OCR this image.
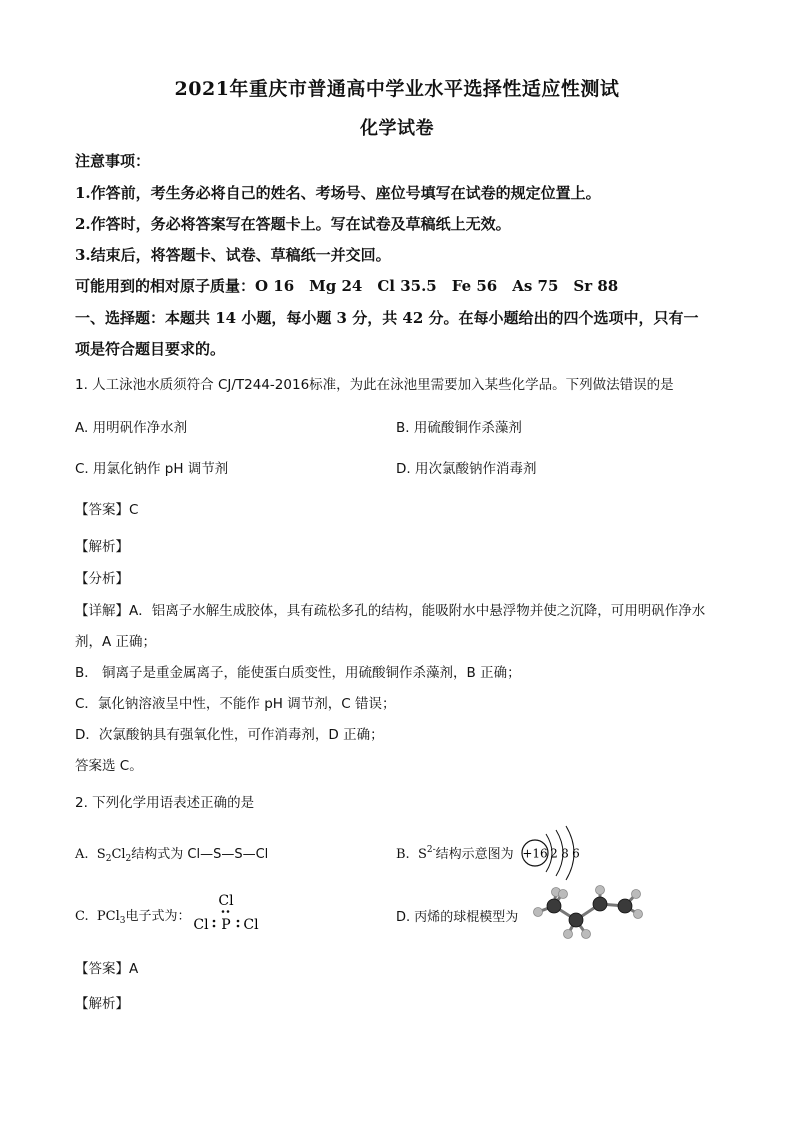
2021年重庆市普通高中学业水平选择性适应性测试
化学试卷
注意事项：
1.作答前，考生务必将自己的姓名、考场号、座位号填写在试卷的规定位置上。
2.作答时，务必将答案写在答题卡上。写在试卷及草稿纸上无效。
3.结束后，将答题卡、试卷、草稿纸一并交回。
可能用到的相对原子质量：O 16　Mg 24　Cl 35.5　Fe 56　As 75　Sr 88
一、选择题：本题共 14 小题，每小题 3 分，共 42 分。在每小题给出的四个选项中，只有一
项是符合题目要求的。
1. 人工泳池水质须符合 CJ/T244-2016标准，为此在泳池里需要加入某些化学品。下列做法错误的是
A. 用明矾作净水剂	B. 用硫酸铜作杀藻剂
C. 用氯化钠作 pH 调节剂	D. 用次氯酸钠作消毒剂
【答案】C
【解析】
【分析】
【详解】A．铝离子水解生成胶体，具有疏松多孔的结构，能吸附水中悬浮物并使之沉降，可用明矾作净水
剂，A 正确；
B． 铜离子是重金属离子，能使蛋白质变性，用硫酸铜作杀藻剂，B 正确；
C．氯化钠溶液呈中性，不能作 pH 调节剂，C 错误；
D．次氯酸钠具有强氧化性，可作消毒剂，D 正确；
答案选 C。
2. 下列化学用语表述正确的是
A. $S_2Cl_2$结构式为 Cl—S—S—Cl	B. $S^{2-}$结构示意图为 +16 2 8 6
C. PCl$_3$电子式为：
Cl
Cl P Cl	D. 丙烯的球棍模型为
【答案】A
【解析】
